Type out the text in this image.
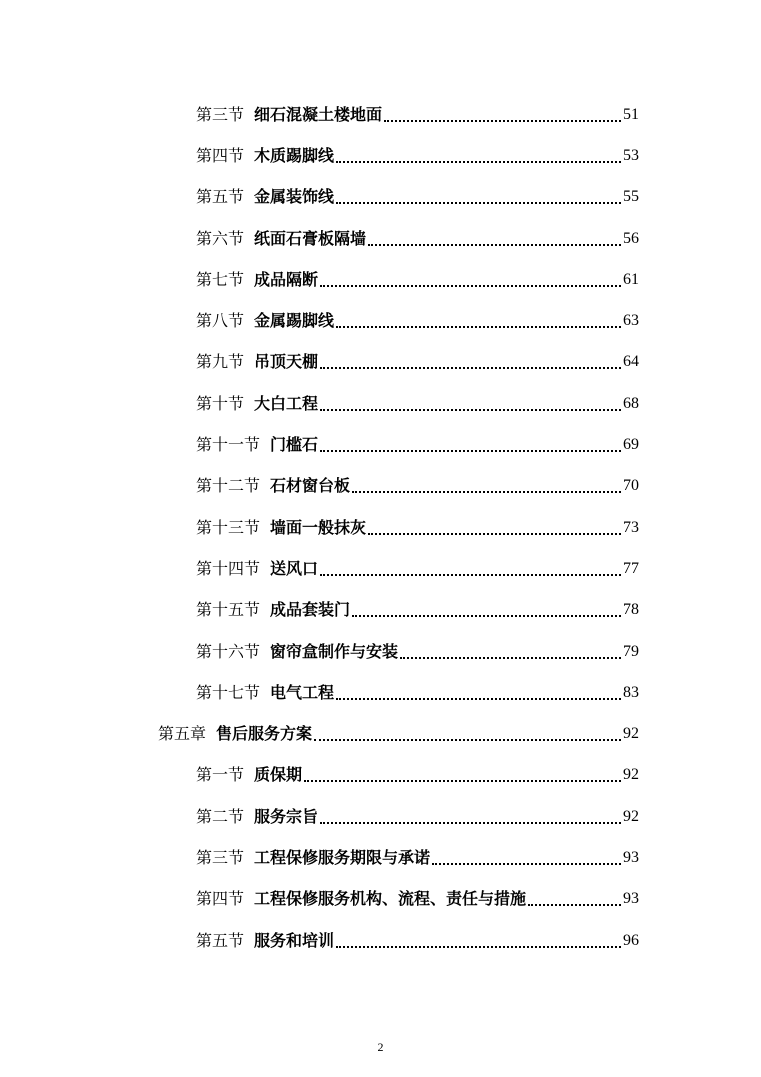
第三节 细石混凝土楼地面	51
第四节 木质踢脚线	53
第五节 金属装饰线	55
第六节 纸面石膏板隔墙	56
第七节 成品隔断	61
第八节 金属踢脚线	63
第九节 吊顶天棚	64
第十节 大白工程	68
第十一节 门槛石	69
第十二节 石材窗台板	70
第十三节 墙面一般抹灰	73
第十四节 送风口	77
第十五节 成品套装门	78
第十六节 窗帘盒制作与安装	79
第十七节 电气工程	83
第五章 售后服务方案	92
第一节 质保期	92
第二节 服务宗旨	92
第三节 工程保修服务期限与承诺	93
第四节 工程保修服务机构、流程、责任与措施	93
第五节 服务和培训	96
2
